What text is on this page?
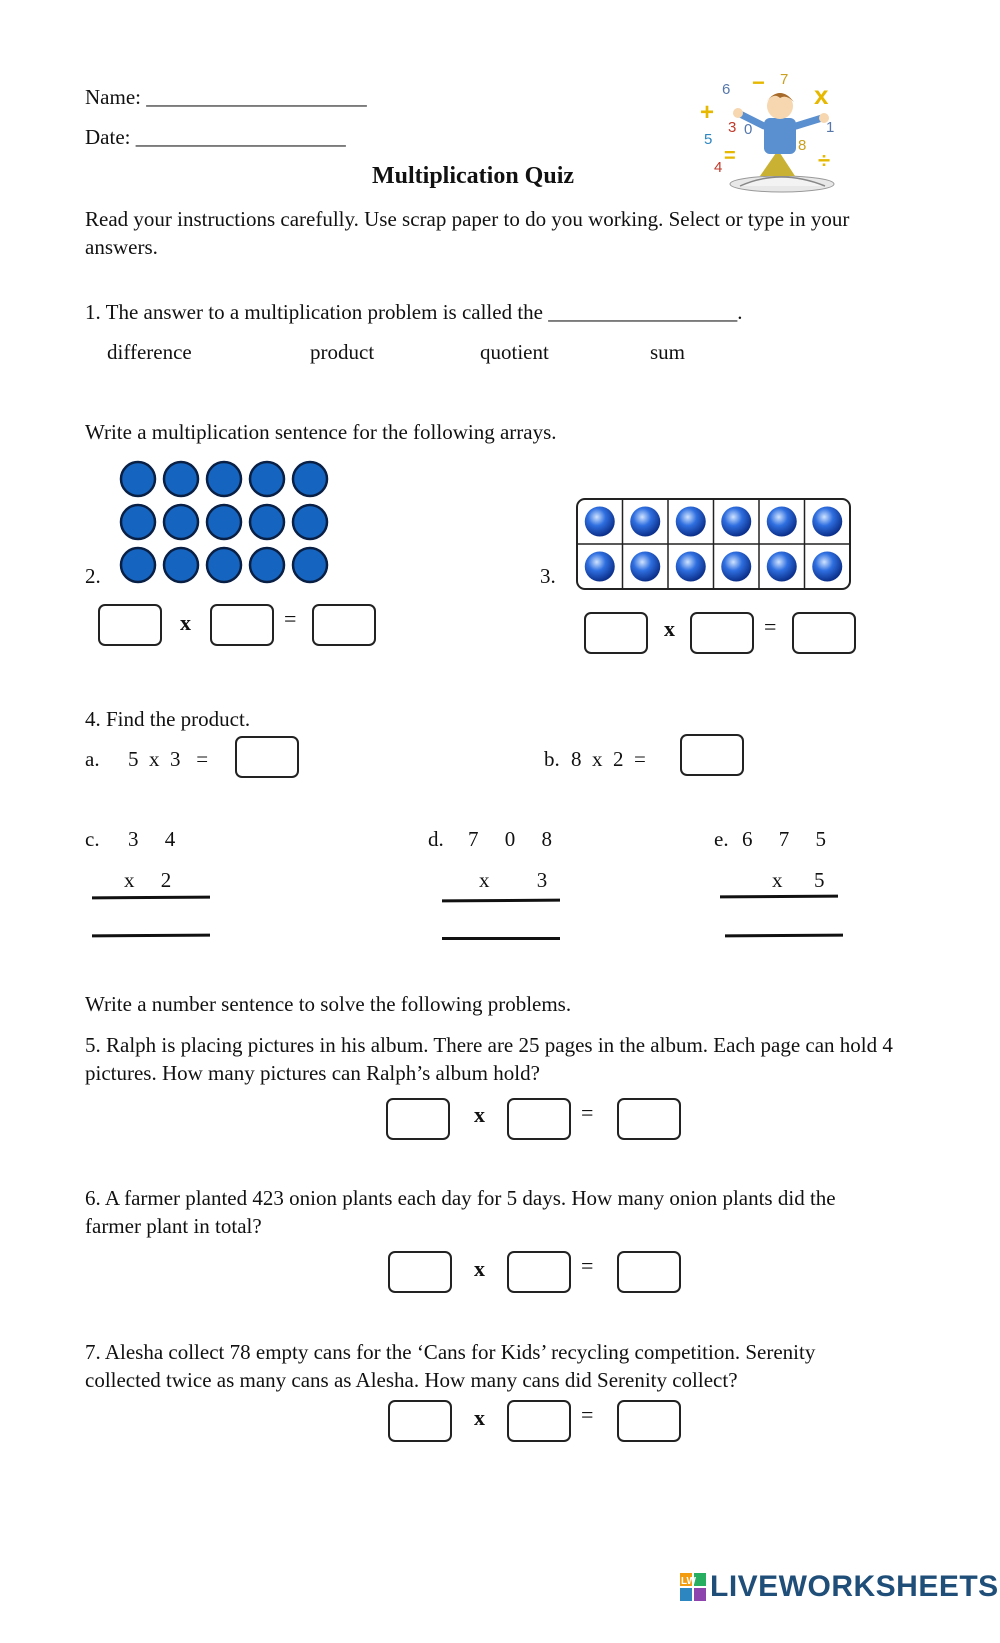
Name: _____________________
Date: ____________________
6
7
3 0
5
1
8
4
+
x
=	÷
−
Multiplication Quiz
Read your instructions carefully. Use scrap paper to do you working. Select or type in your answers.
1. The answer to a multiplication problem is called the __________________.
difference	product	quotient	sum
Write a multiplication sentence for the following arrays.
2.
x	=
3.
x	=
4. Find the product.
a. 5  x  3   =	b. 8  x  2  =
c. 3     4
x     2
d. 7     0     8
x         3
e. 6     7     5
x      5
Write a number sentence to solve the following problems.
5. Ralph is placing pictures in his album. There are 25 pages in the album. Each page can hold 4 pictures. How many pictures can Ralph’s album hold?
x	=
6. A farmer planted 423 onion plants each day for 5 days. How many onion plants did the farmer plant in total?
x	=
7. Alesha collect 78 empty cans for the ‘Cans for Kids’ recycling competition. Serenity collected twice as many cans as Alesha. How many cans did Serenity collect?
x	=
LW LIVEWORKSHEETS
